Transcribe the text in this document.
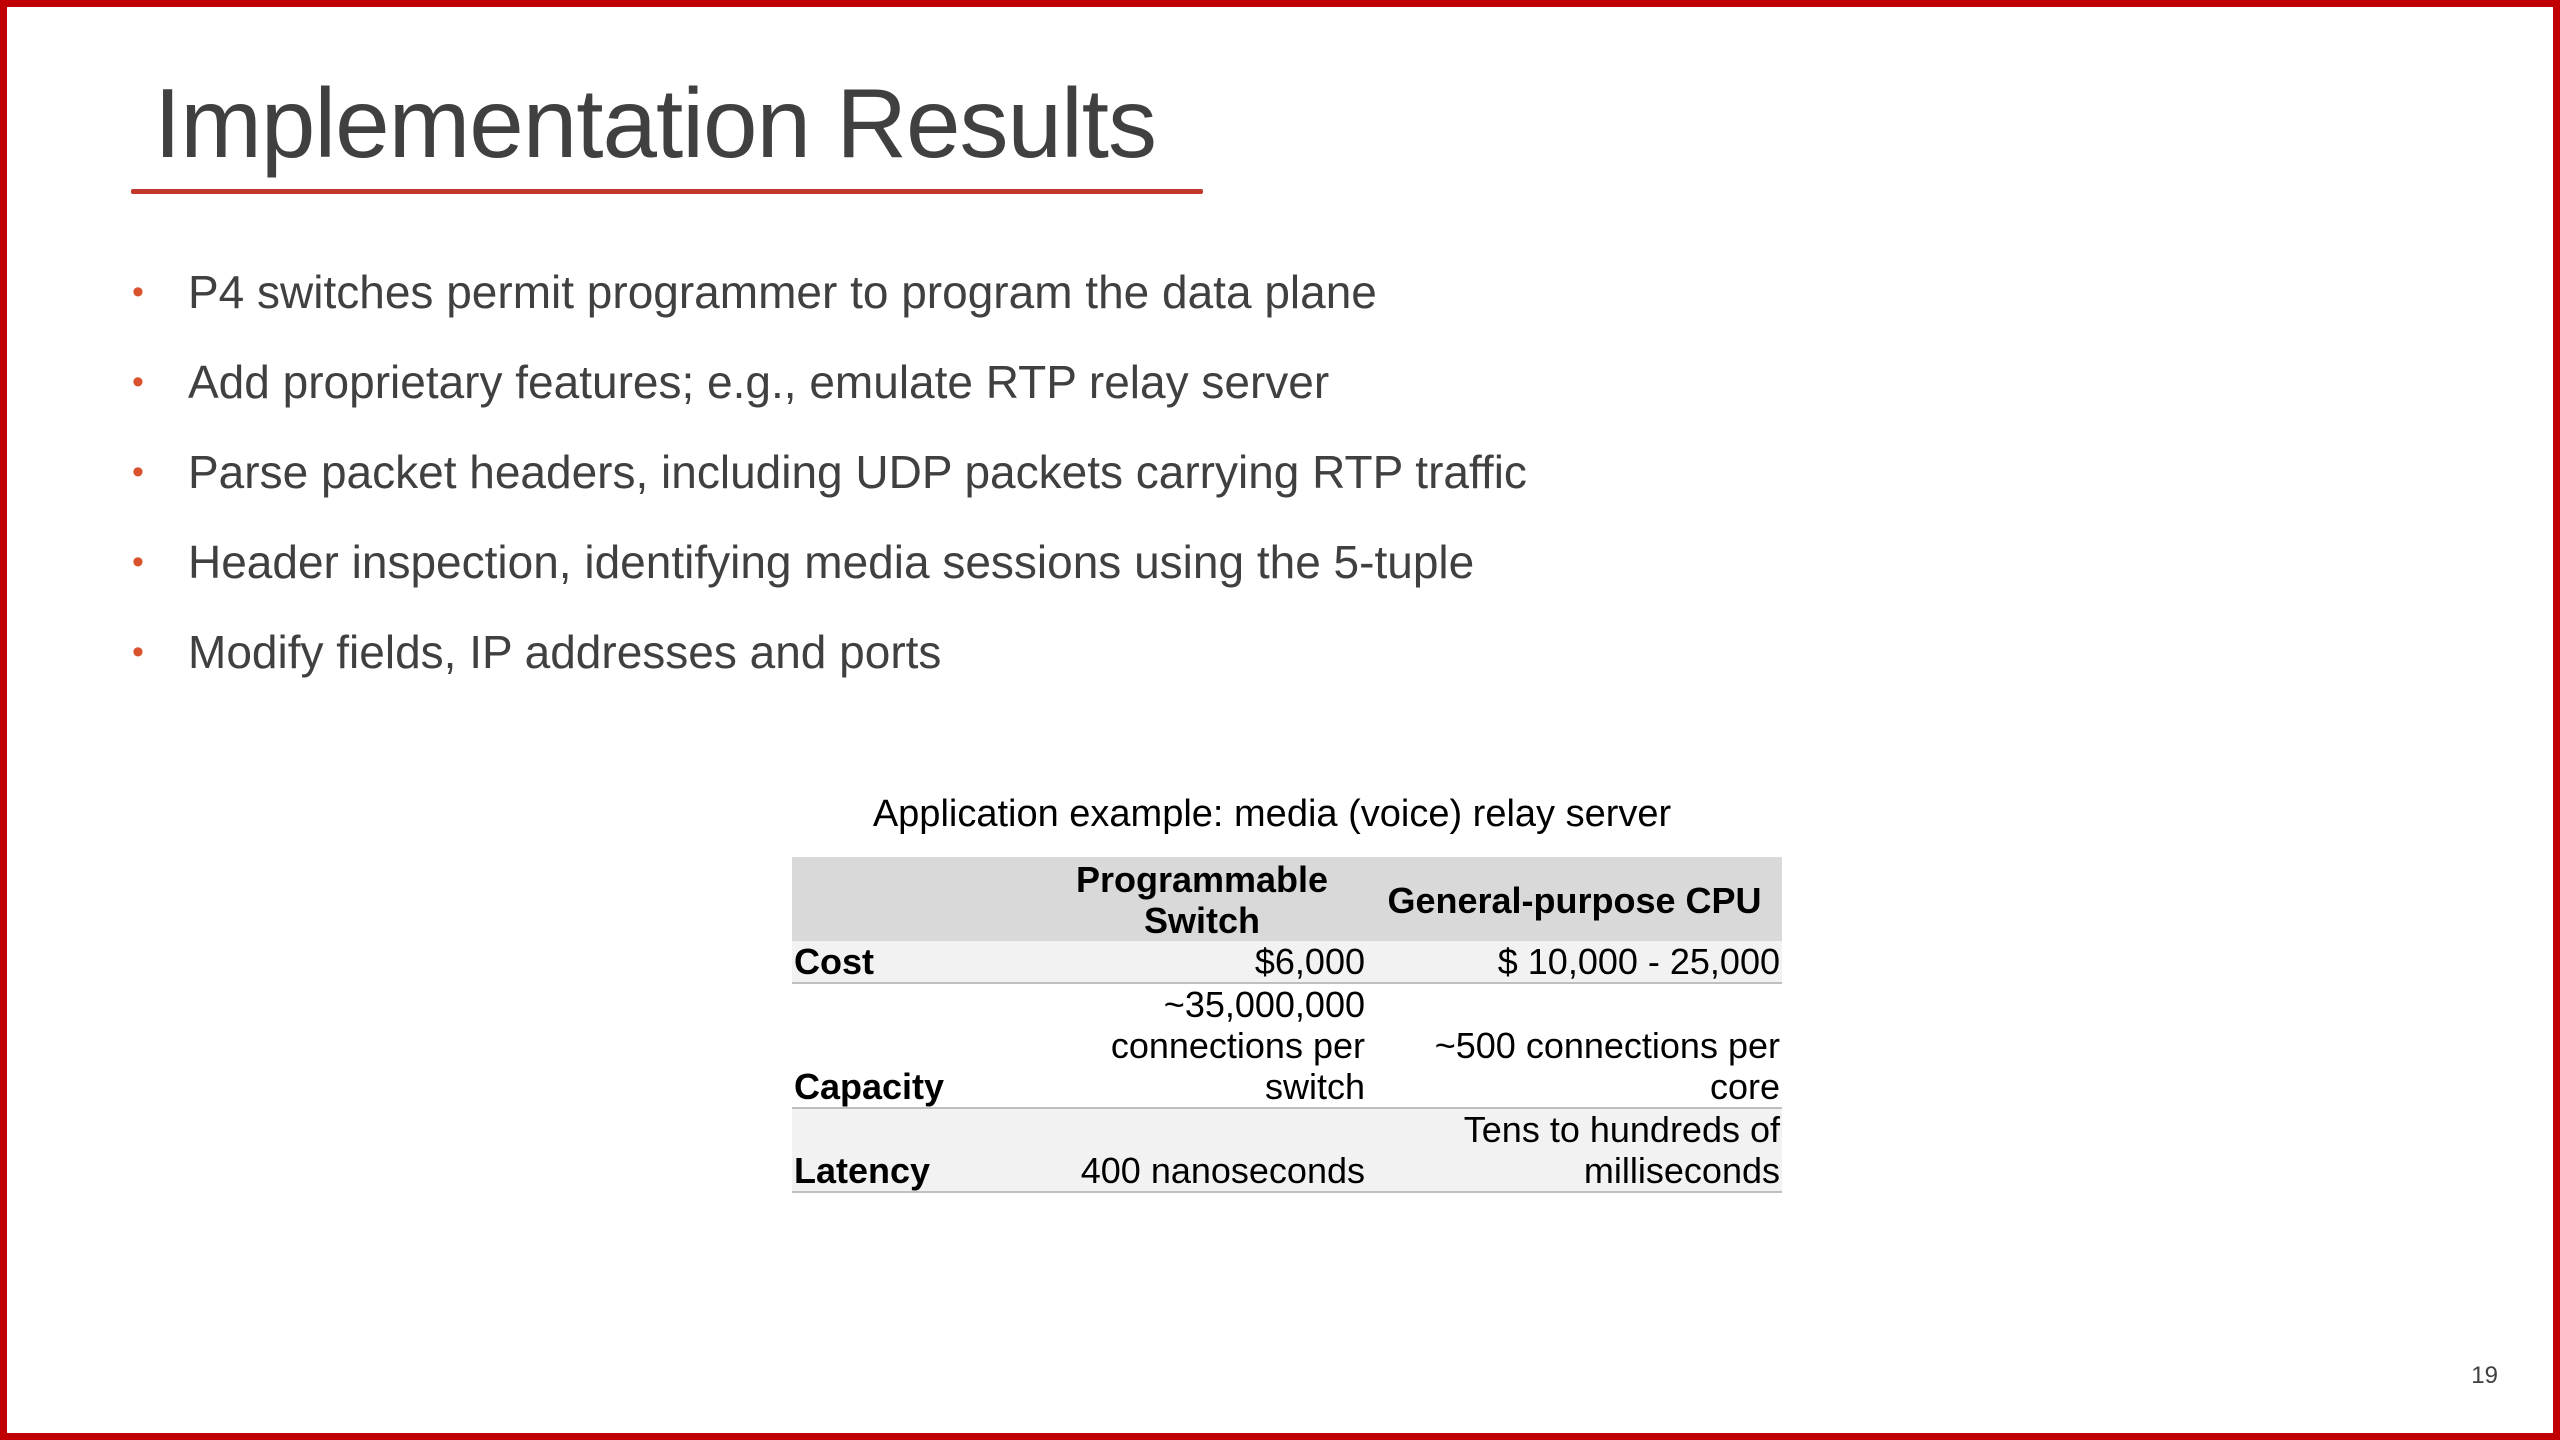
Implementation Results
• P4 switches permit programmer to program the data plane
• Add proprietary features; e.g., emulate RTP relay server
• Parse packet headers, including UDP packets carrying RTP traffic
• Header inspection, identifying media sessions using the 5-tuple
• Modify fields, IP addresses and ports
Application example: media (voice) relay server
	Programmable Switch	General-purpose CPU
Cost	$6,000	$ 10,000 - 25,000
Capacity	~35,000,000 connections per switch	~500 connections per core
Latency	400 nanoseconds	Tens to hundreds of milliseconds
19
